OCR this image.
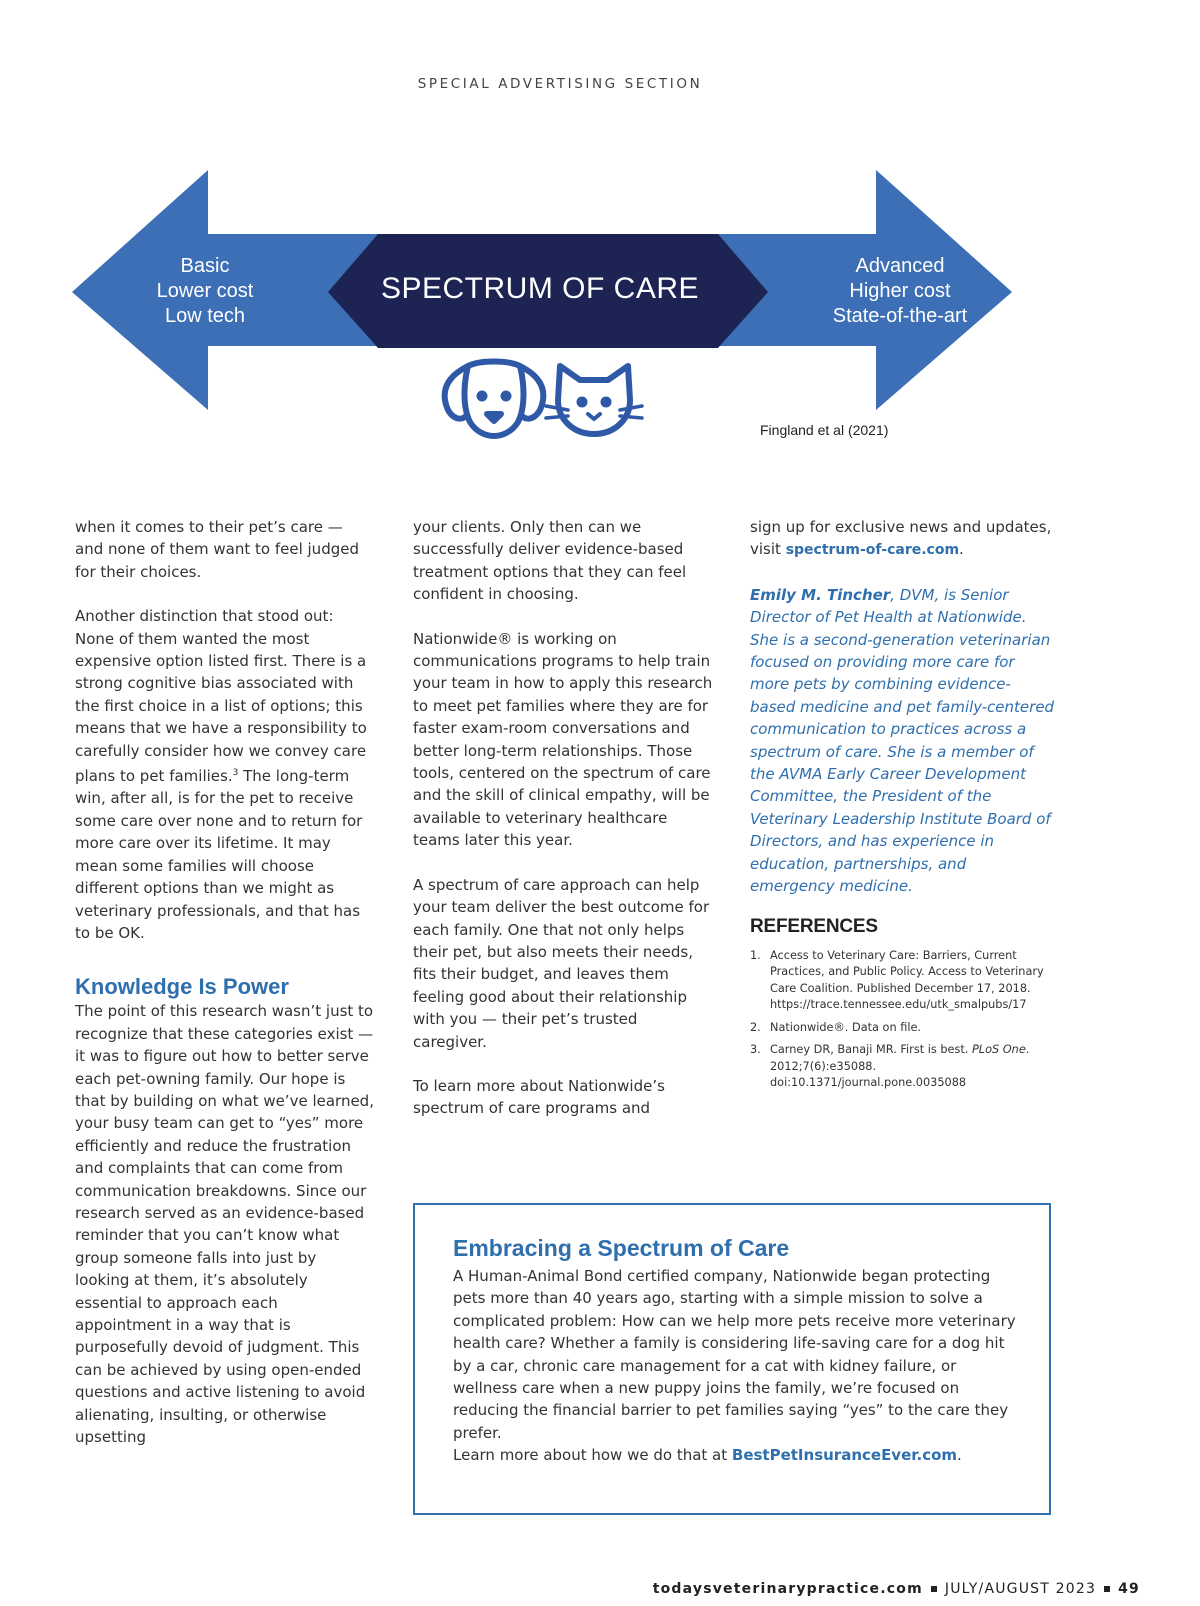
SPECIAL ADVERTISING SECTION
Basic
Lower cost
Low tech
SPECTRUM OF CARE
Advanced
Higher cost
State-of-the-art
Fingland et al (2021)

when it comes to their pet’s care — and none of them want to feel judged for their choices.

Another distinction that stood out: None of them wanted the most expensive option listed first. There is a strong cognitive bias associated with the first choice in a list of options; this means that we have a responsibility to carefully consider how we convey care plans to pet families.$^3$ The long-term win, after all, is for the pet to receive some care over none and to return for more care over its lifetime. It may mean some families will choose different options than we might as veterinary professionals, and that has to be OK.

Knowledge Is Power

The point of this research wasn’t just to recognize that these categories exist — it was to figure out how to better serve each pet-owning family. Our hope is that by building on what we’ve learned, your busy team can get to “yes” more efficiently and reduce the frustration and complaints that can come from communication breakdowns. Since our research served as an evidence-based reminder that you can’t know what group someone falls into just by looking at them, it’s absolutely essential to approach each appointment in a way that is purposefully devoid of judgment. This can be achieved by using open-ended questions and active listening to avoid alienating, insulting, or otherwise upsetting

your clients. Only then can we successfully deliver evidence-based treatment options that they can feel confident in choosing.

Nationwide® is working on communications programs to help train your team in how to apply this research to meet pet families where they are for faster exam-room conversations and better long-term relationships. Those tools, centered on the spectrum of care and the skill of clinical empathy, will be available to veterinary healthcare teams later this year.

A spectrum of care approach can help your team deliver the best outcome for each family. One that not only helps their pet, but also meets their needs, fits their budget, and leaves them feeling good about their relationship with you — their pet’s trusted caregiver.

To learn more about Nationwide’s spectrum of care programs and

sign up for exclusive news and updates, visit spectrum-of-care.com.

Emily M. Tincher, DVM, is Senior Director of Pet Health at Nationwide. She is a second-generation veterinarian focused on providing more care for more pets by combining evidence-based medicine and pet family-centered communication to practices across a spectrum of care. She is a member of the AVMA Early Career Development Committee, the President of the Veterinary Leadership Institute Board of Directors, and has experience in education, partnerships, and emergency medicine.

REFERENCES
1. Access to Veterinary Care: Barriers, Current Practices, and Public Policy. Access to Veterinary Care Coalition. Published December 17, 2018. https://trace.tennessee.edu/utk_smalpubs/17
2. Nationwide®. Data on file.
3. Carney DR, Banaji MR. First is best. PLoS One. 2012;7(6):e35088. doi:10.1371/journal.pone.0035088
Embracing a Spectrum of Care

A Human-Animal Bond certified company, Nationwide began protecting pets more than 40 years ago, starting with a simple mission to solve a complicated problem: How can we help more pets receive more veterinary health care? Whether a family is considering life-saving care for a dog hit by a car, chronic care management for a cat with kidney failure, or wellness care when a new puppy joins the family, we’re focused on reducing the financial barrier to pet families saying “yes” to the care they prefer.
Learn more about how we do that at BestPetInsuranceEver.com.

todaysveterinarypractice.com JULY/AUGUST 2023 49
